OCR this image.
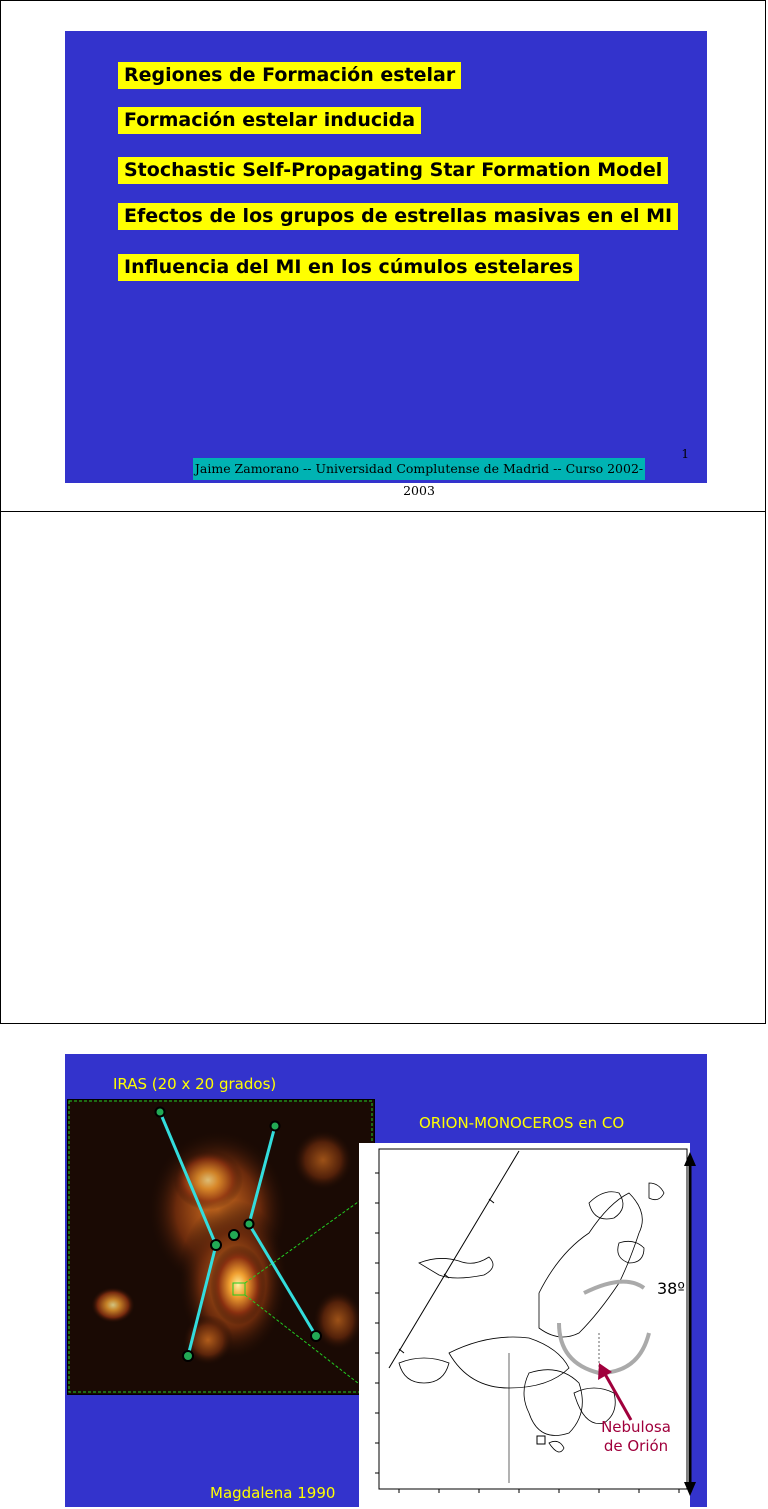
Regiones de Formación estelar
Formación estelar inducida
Stochastic Self-Propagating Star Formation Model
Efectos de los grupos de estrellas masivas en el MI
Influencia del MI en los cúmulos estelares
1
Jaime Zamorano -- Universidad Complutense de Madrid -- Curso 2002-2003
IRAS (20 x 20 grados)
ORION-MONOCEROS en CO
38º
Nebulosa
de Orión
Magdalena 1990
